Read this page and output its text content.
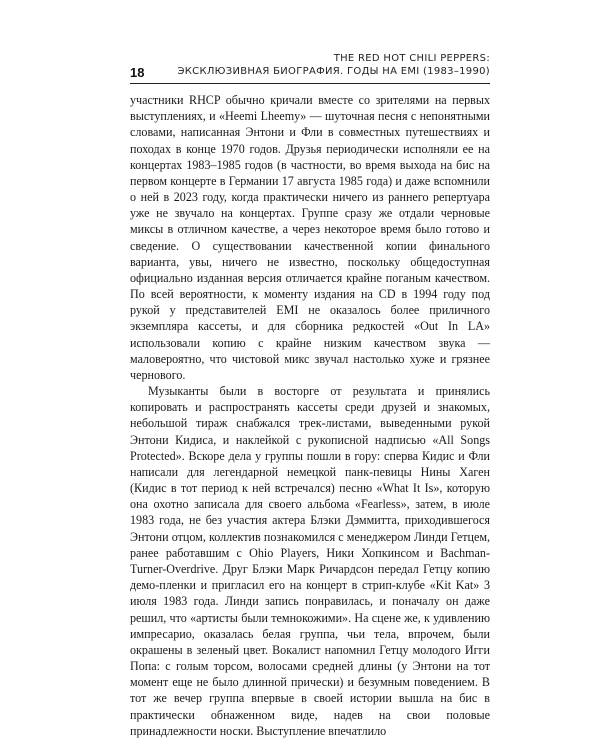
18
THE RED HOT CHILI PEPPERS:
ЭКСКЛЮЗИВНАЯ БИОГРАФИЯ. ГОДЫ НА EMI (1983–1990)

участники RHCP обычно кричали вместе со зрителями на первых выступлениях, и «Heemi Lheemy» — шуточная песня с непонятными словами, написанная Энтони и Фли в совместных путешествиях и походах в конце 1970 годов. Друзья периодически исполняли ее на концертах 1983–1985 годов (в частности, во время выхода на бис на первом концерте в Германии 17 августа 1985 года) и даже вспомнили о ней в 2023 году, когда практически ничего из раннего репертуара уже не звучало на концертах. Группе сразу же отдали черновые миксы в отличном качестве, а через некоторое время было готово и сведение. О существовании качественной копии финального варианта, увы, ничего не известно, поскольку общедоступная официально изданная версия отличается крайне поганым качеством. По всей вероятности, к моменту издания на CD в 1994 году под рукой у представителей EMI не оказалось более приличного экземпляра кассеты, и для сборника редкостей «Out In LA» использовали копию с крайне низким качеством звука — маловероятно, что чистовой микс звучал настолько хуже и грязнее чернового.

Музыканты были в восторге от результата и принялись копировать и распространять кассеты среди друзей и знакомых, небольшой тираж снабжался трек-листами, выведенными рукой Энтони Кидиса, и наклейкой с рукописной надписью «All Songs Protected». Вскоре дела у группы пошли в гору: сперва Кидис и Фли написали для легендарной немецкой панк-певицы Нины Хаген (Кидис в тот период к ней встречался) песню «What It Is», которую она охотно записала для своего альбома «Fearless», затем, в июле 1983 года, не без участия актера Блэки Дэммитта, приходившегося Энтони отцом, коллектив познакомился с менеджером Линди Гетцем, ранее работавшим с Ohio Players, Ники Хопкинсом и Bachman-Turner-Overdrive. Друг Блэки Марк Ричардсон передал Гетцу копию демо-пленки и пригласил его на концерт в стрип-клубе «Kit Kat» 3 июля 1983 года. Линди запись понравилась, и поначалу он даже решил, что «артисты были темнокожими». На сцене же, к удивлению импресарио, оказалась белая группа, чьи тела, впрочем, были окрашены в зеленый цвет. Вокалист напомнил Гетцу молодого Игги Попа: с голым торсом, волосами средней длины (у Энтони на тот момент еще не было длинной прически) и безумным поведением. В тот же вечер группа впервые в своей истории вышла на бис в практически обнаженном виде, надев на свои половые принадлежности носки. Выступление впечатлило
